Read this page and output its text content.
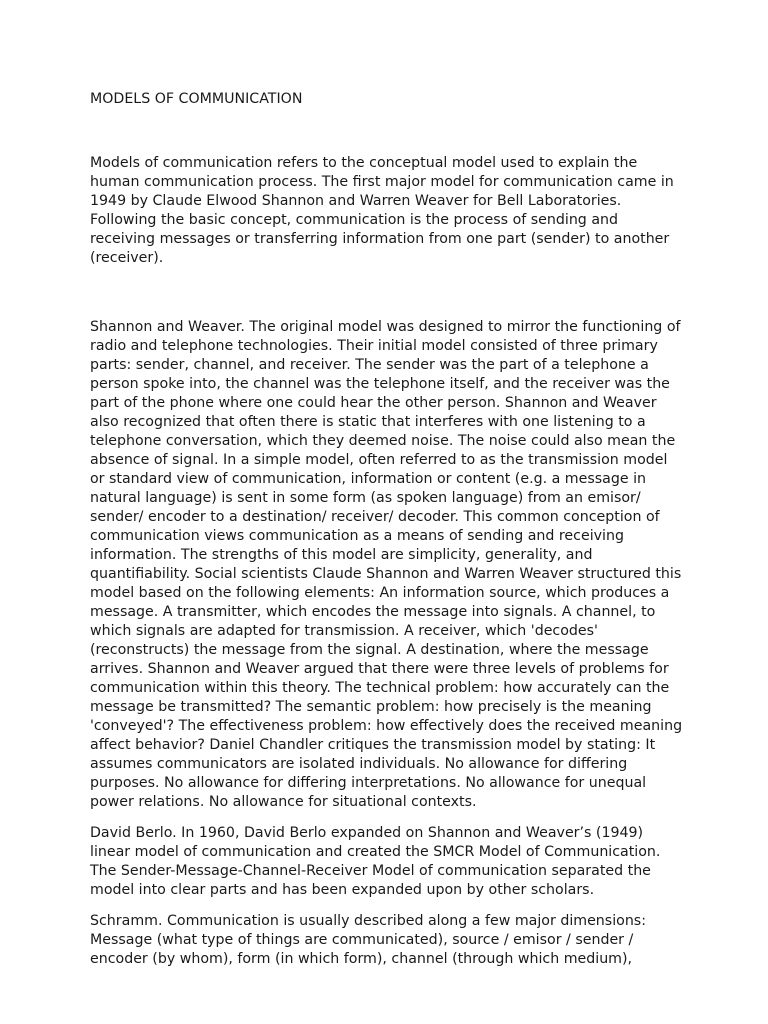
MODELS OF COMMUNICATION

Models of communication refers to the conceptual model used to explain the human communication process. The first major model for communication came in 1949 by Claude Elwood Shannon and Warren Weaver for Bell Laboratories. Following the basic concept, communication is the process of sending and receiving messages or transferring information from one part (sender) to another (receiver).

Shannon and Weaver. The original model was designed to mirror the functioning of radio and telephone technologies. Their initial model consisted of three primary parts: sender, channel, and receiver. The sender was the part of a telephone a person spoke into, the channel was the telephone itself, and the receiver was the part of the phone where one could hear the other person. Shannon and Weaver also recognized that often there is static that interferes with one listening to a telephone conversation, which they deemed noise. The noise could also mean the absence of signal. In a simple model, often referred to as the transmission model or standard view of communication, information or content (e.g. a message in natural language) is sent in some form (as spoken language) from an emisor/ sender/ encoder to a destination/ receiver/ decoder. This common conception of communication views communication as a means of sending and receiving information. The strengths of this model are simplicity, generality, and quantifiability. Social scientists Claude Shannon and Warren Weaver structured this model based on the following elements: An information source, which produces a message. A transmitter, which encodes the message into signals. A channel, to which signals are adapted for transmission. A receiver, which 'decodes' (reconstructs) the message from the signal. A destination, where the message arrives. Shannon and Weaver argued that there were three levels of problems for communication within this theory. The technical problem: how accurately can the message be transmitted? The semantic problem: how precisely is the meaning 'conveyed'? The effectiveness problem: how effectively does the received meaning affect behavior? Daniel Chandler critiques the transmission model by stating: It assumes communicators are isolated individuals. No allowance for differing purposes. No allowance for differing interpretations. No allowance for unequal power relations. No allowance for situational contexts.

David Berlo. In 1960, David Berlo expanded on Shannon and Weaver’s (1949) linear model of communication and created the SMCR Model of Communication. The Sender-Message-Channel-Receiver Model of communication separated the model into clear parts and has been expanded upon by other scholars.

Schramm. Communication is usually described along a few major dimensions: Message (what type of things are communicated), source / emisor / sender / encoder (by whom), form (in which form), channel (through which medium),
